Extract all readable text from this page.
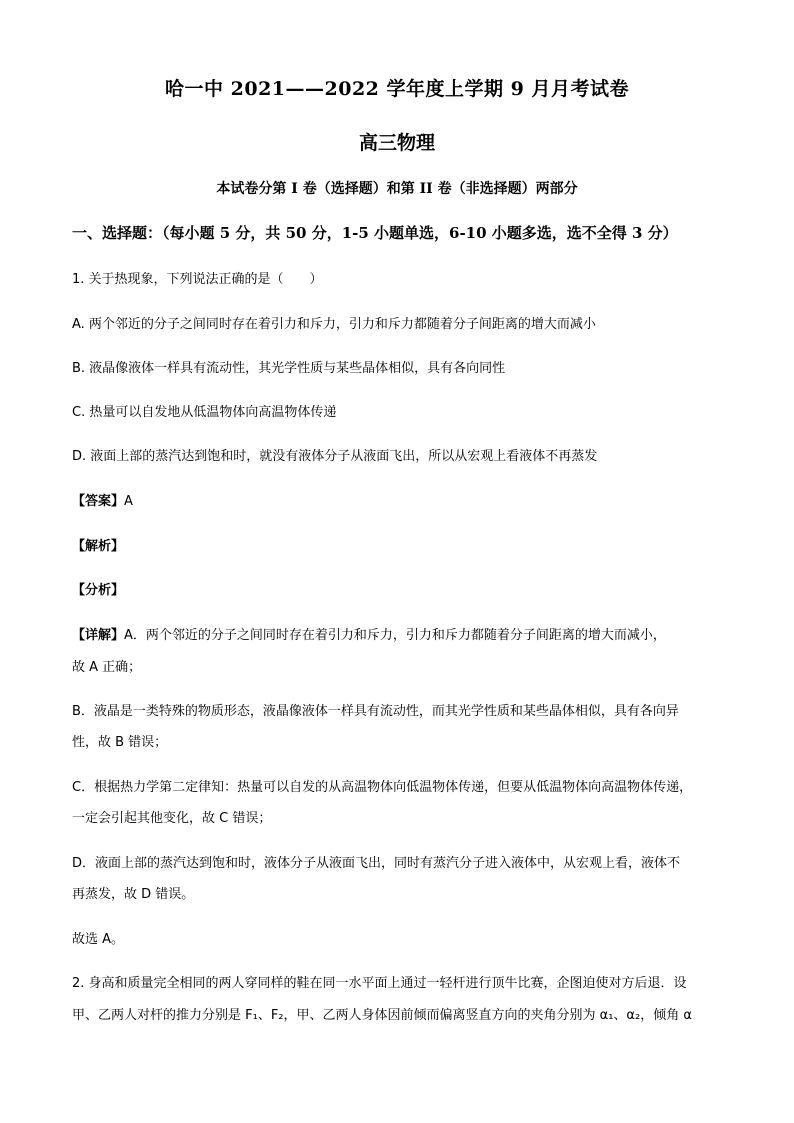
哈一中 2021——2022 学年度上学期 9 月月考试卷
高三物理
本试卷分第 I 卷（选择题）和第 II 卷（非选择题）两部分
一、选择题：（每小题 5 分，共 50 分，1-5 小题单选，6-10 小题多选，选不全得 3 分）
1. 关于热现象，下列说法正确的是（　　）
A. 两个邻近的分子之间同时存在着引力和斥力，引力和斥力都随着分子间距离的增大而减小
B. 液晶像液体一样具有流动性，其光学性质与某些晶体相似，具有各向同性
C. 热量可以自发地从低温物体向高温物体传递
D. 液面上部的蒸汽达到饱和时，就没有液体分子从液面飞出，所以从宏观上看液体不再蒸发
【答案】A
【解析】
【分析】
【详解】A．两个邻近的分子之间同时存在着引力和斥力，引力和斥力都随着分子间距离的增大而减小，
故 A 正确；
B．液晶是一类特殊的物质形态，液晶像液体一样具有流动性，而其光学性质和某些晶体相似，具有各向异
性，故 B 错误；
C．根据热力学第二定律知：热量可以自发的从高温物体向低温物体传递，但要从低温物体向高温物体传递，
一定会引起其他变化，故 C 错误；
D．液面上部的蒸汽达到饱和时，液体分子从液面飞出，同时有蒸汽分子进入液体中，从宏观上看，液体不
再蒸发，故 D 错误。
故选 A。
2. 身高和质量完全相同的两人穿同样的鞋在同一水平面上通过一轻杆进行顶牛比赛，企图迫使对方后退．设
甲、乙两人对杆的推力分别是 F₁、F₂，甲、乙两人身体因前倾而偏离竖直方向的夹角分别为 α₁、α₂，倾角 α
